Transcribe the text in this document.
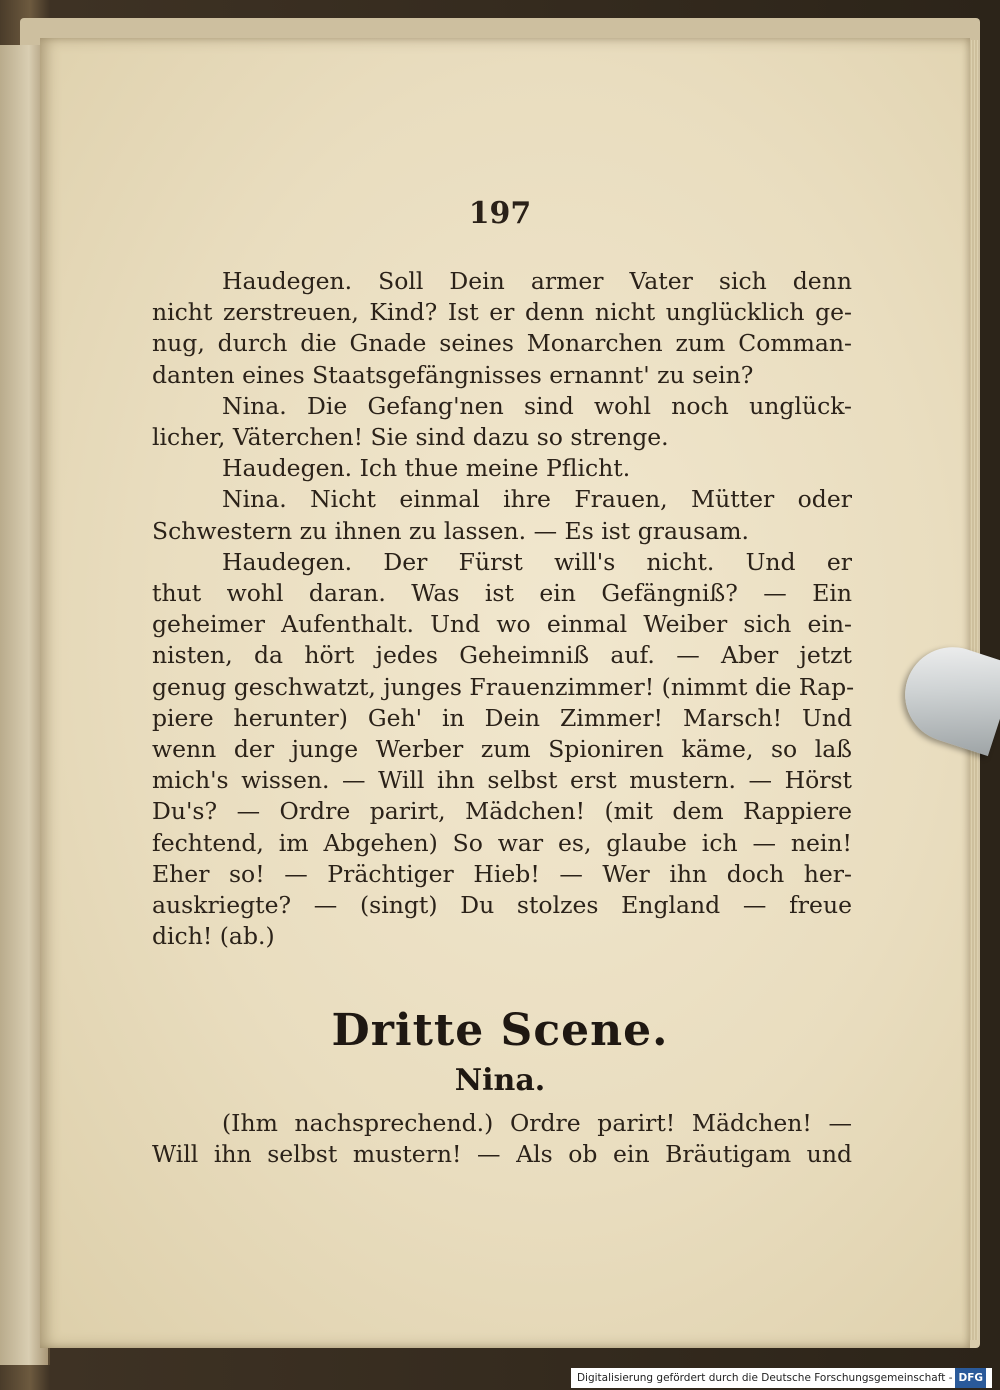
197
Haudegen. Soll Dein armer Vater sich denn
nicht zerstreuen, Kind? Ist er denn nicht unglücklich ge-
nug, durch die Gnade seines Monarchen zum Comman-
danten eines Staatsgefängnisses ernannt' zu sein?
Nina. Die Gefang'nen sind wohl noch unglück-
licher, Väterchen! Sie sind dazu so strenge.
Haudegen. Ich thue meine Pflicht.
Nina. Nicht einmal ihre Frauen, Mütter oder
Schwestern zu ihnen zu lassen. — Es ist grausam.
Haudegen. Der Fürst will's nicht. Und er
thut wohl daran. Was ist ein Gefängniß? — Ein
geheimer Aufenthalt. Und wo einmal Weiber sich ein-
nisten, da hört jedes Geheimniß auf. — Aber jetzt
genug geschwatzt, junges Frauenzimmer! (nimmt die Rap-
piere herunter) Geh' in Dein Zimmer! Marsch! Und
wenn der junge Werber zum Spioniren käme, so laß
mich's wissen. — Will ihn selbst erst mustern. — Hörst
Du's? — Ordre parirt, Mädchen! (mit dem Rappiere
fechtend, im Abgehen) So war es, glaube ich — nein!
Eher so! — Prächtiger Hieb! — Wer ihn doch her-
auskriegte? — (singt) Du stolzes England — freue
dich! (ab.)
Dritte Scene.
Nina.
(Ihm nachsprechend.) Ordre parirt! Mädchen! —
Will ihn selbst mustern! — Als ob ein Bräutigam und
Digitalisierung gefördert durch die Deutsche Forschungsgemeinschaft - DFG
